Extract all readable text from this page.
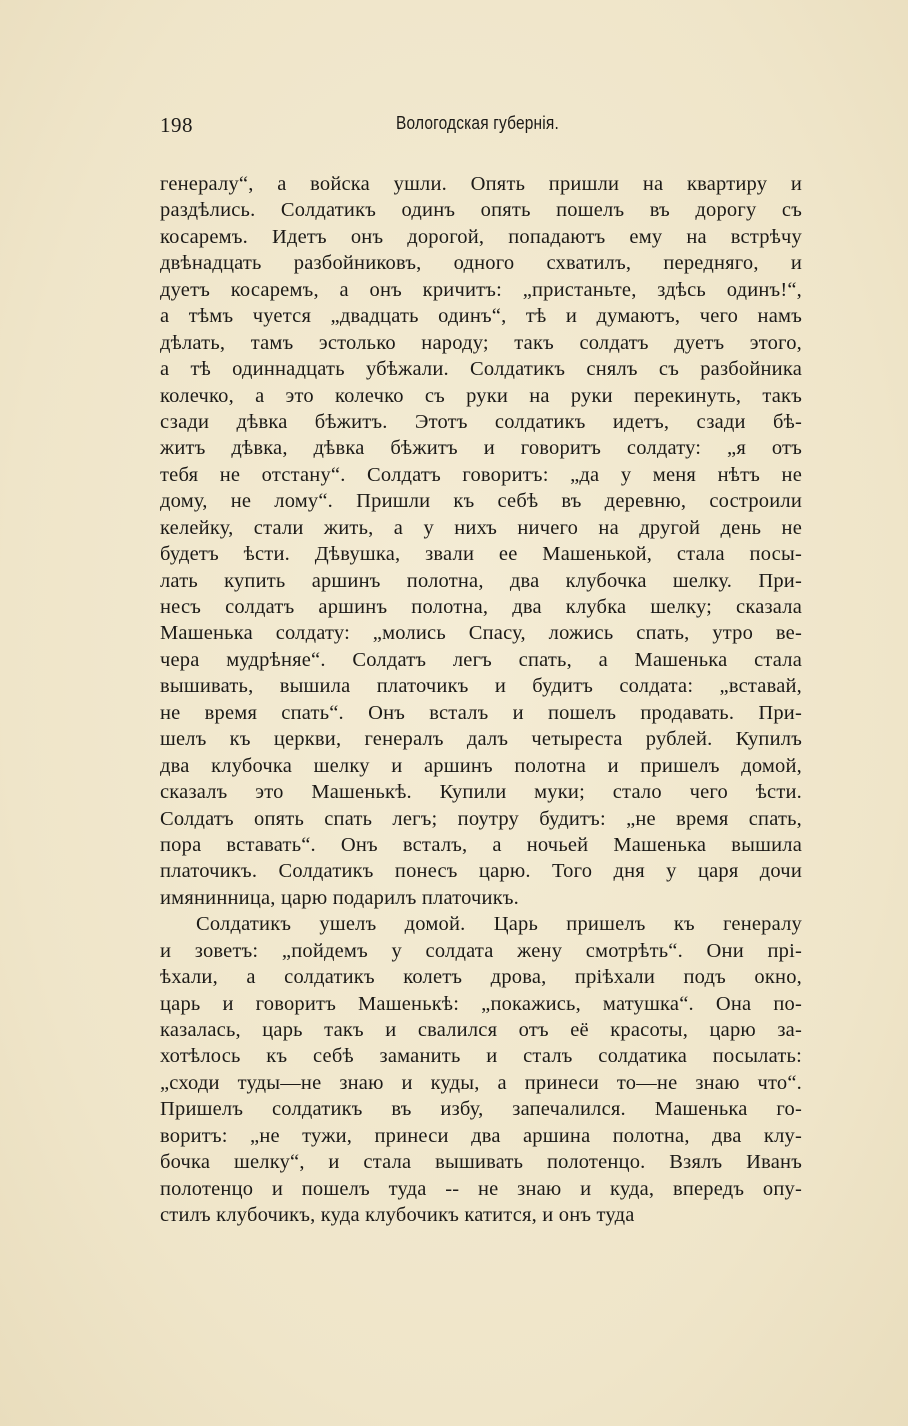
198	Вологодская губернія.
генералу“, а войска ушли. Опять пришли на квартиру и
раздѣлись. Солдатикъ одинъ опять пошелъ въ дорогу съ
косаремъ. Идетъ онъ дорогой, попадаютъ ему на встрѣчу
двѣнадцать разбойниковъ, одного схватилъ, передняго, и
дуетъ косаремъ, а онъ кричитъ: „пристаньте, здѣсь одинъ!“,
а тѣмъ чуется „двадцать одинъ“, тѣ и думаютъ, чего намъ
дѣлать, тамъ эстолько народу; такъ солдатъ дуетъ этого,
а тѣ одиннадцать убѣжали. Солдатикъ снялъ съ разбойника
колечко, а это колечко съ руки на руки перекинуть, такъ
сзади дѣвка бѣжитъ. Этотъ солдатикъ идетъ, сзади бѣ-
житъ дѣвка, дѣвка бѣжитъ и говоритъ солдату: „я отъ
тебя не отстану“. Солдатъ говоритъ: „да у меня нѣтъ не
дому, не лому“. Пришли къ себѣ въ деревню, состроили
келейку, стали жить, а у нихъ ничего на другой день не
будетъ ѣсти. Дѣвушка, звали ее Машенькой, стала посы-
лать купить аршинъ полотна, два клубочка шелку. При-
несъ солдатъ аршинъ полотна, два клубка шелку; сказала
Машенька солдату: „молись Спасу, ложись спать, утро ве-
чера мудрѣняе“. Солдатъ легъ спать, а Машенька стала
вышивать, вышила платочикъ и будитъ солдата: „вставай,
не время спать“. Онъ всталъ и пошелъ продавать. При-
шелъ къ церкви, генералъ далъ четыреста рублей. Купилъ
два клубочка шелку и аршинъ полотна и пришелъ домой,
сказалъ это Машенькѣ. Купили муки; стало чего ѣсти.
Солдатъ опять спать легъ; поутру будитъ: „не время спать,
пора вставать“. Онъ всталъ, а ночьей Машенька вышила
платочикъ. Солдатикъ понесъ царю. Того дня у царя дочи
имянинница, царю подарилъ платочикъ.
Солдатикъ ушелъ домой. Царь пришелъ къ генералу
и зоветъ: „пойдемъ у солдата жену смотрѣть“. Они прі-
ѣхали, а солдатикъ колетъ дрова, пріѣхали подъ окно,
царь и говоритъ Машенькѣ: „покажись, матушка“. Она по-
казалась, царь такъ и свалился отъ её красоты, царю за-
хотѣлось къ себѣ заманить и сталъ солдатика посылать:
„сходи туды—не знаю и куды, а принеси то—не знаю что“.
Пришелъ солдатикъ въ избу, запечалился. Машенька го-
воритъ: „не тужи, принеси два аршина полотна, два клу-
бочка шелку“, и стала вышивать полотенцо. Взялъ Иванъ
полотенцо и пошелъ туда -- не знаю и куда, впередъ опу-
стилъ клубочикъ, куда клубочикъ катится, и онъ туда
